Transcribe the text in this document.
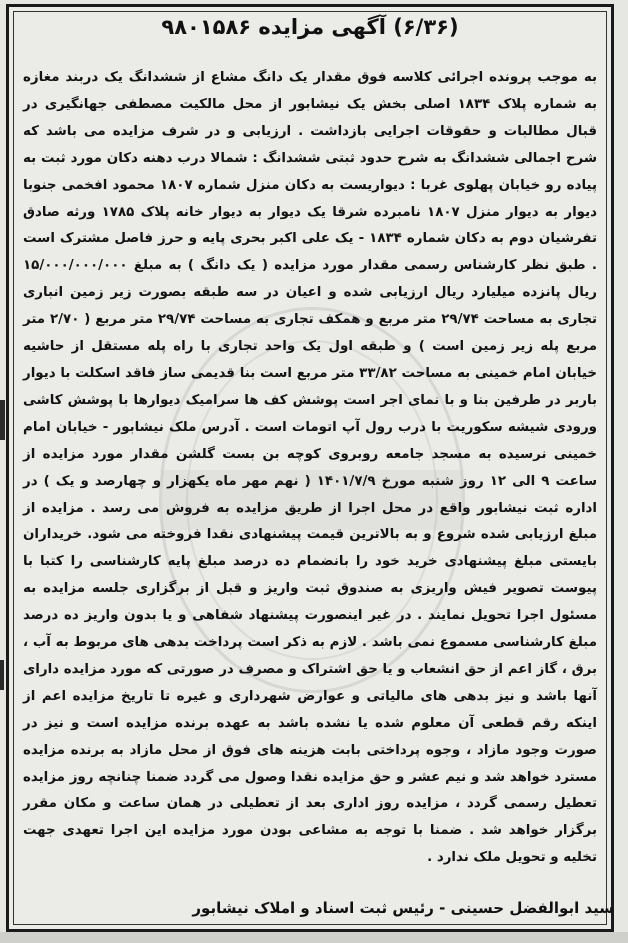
(۶/۳۶) آگهی مزایده ۹۸۰۱۵۸۶

به موجب پرونده اجرائی کلاسه فوق مقدار یک دانگ مشاع از ششدانگ یک دربند مغازه به شماره پلاک ۱۸۳۴ اصلی بخش یک نیشابور از محل مالکیت مصطفی جهانگیری در قبال مطالبات و حقوقات اجرایی بازداشت . ارزیابی و در شرف مزایده می باشد که شرح اجمالی ششدانگ به شرح حدود ثبتی ششدانگ : شمالا درب دهنه دکان مورد ثبت به پیاده رو خیابان پهلوی غربا : دیواریست به دکان منزل شماره ۱۸۰۷ محمود افخمی جنوبا دیوار به دیوار منزل ۱۸۰۷ نامبرده شرقا یک دیوار به دیوار خانه پلاک ۱۷۸۵ ورثه صادق تفرشیان دوم به دکان شماره ۱۸۳۴ - یک علی اکبر بحری پایه و حرز فاصل مشترک است . طبق نظر کارشناس رسمی مقدار مورد مزایده ( یک دانگ ) به مبلغ ۱۵/۰۰۰/۰۰۰/۰۰۰ ریال پانزده میلیارد ریال ارزیابی شده و اعیان در سه طبقه بصورت زیر زمین انباری تجاری به مساحت ۲۹/۷۴ متر مربع و همکف تجاری به مساحت ۲۹/۷۴ متر مربع ( ۲/۷۰ متر مربع پله زیر زمین است ) و طبقه اول یک واحد تجاری با راه پله مستقل از حاشیه خیابان امام خمینی به مساحت ۳۳/۸۲ متر مربع است بنا قدیمی ساز فاقد اسکلت با دیوار باربر در طرفین بنا و با نمای اجر است پوشش کف ها سرامیک دیوارها با پوشش کاشی ورودی شیشه سکوریت با درب رول آپ اتومات است . آدرس ملک نیشابور - خیابان امام خمینی نرسیده به مسجد جامعه روبروی کوچه بن بست گلشن مقدار مورد مزایده از ساعت ۹ الی ۱۲ روز شنبه مورخ ۱۴۰۱/۷/۹ ( نهم مهر ماه یکهزار و چهارصد و یک ) در اداره ثبت نیشابور واقع در محل اجرا از طریق مزایده به فروش می رسد . مزایده از مبلغ ارزیابی شده شروع و به بالاترین قیمت پیشنهادی نقدا فروخته می شود. خریداران بایستی مبلغ پیشنهادی خرید خود را بانضمام ده درصد مبلغ پایه کارشناسی را کتبا با پیوست تصویر فیش واریزی به صندوق ثبت واریز و قبل از برگزاری جلسه مزایده به مسئول اجرا تحویل نمایند . در غیر اینصورت پیشنهاد شفاهی و یا بدون واریز ده درصد مبلغ کارشناسی مسموع نمی باشد . لازم به ذکر است پرداخت بدهی های مربوط به آب ، برق ، گاز اعم از حق انشعاب و یا حق اشتراک و مصرف در صورتی که مورد مزایده دارای آنها باشد و نیز بدهی های مالیاتی و عوارض شهرداری و غیره تا تاریخ مزایده اعم از اینکه رقم قطعی آن معلوم شده یا نشده باشد به عهده برنده مزایده است و نیز در صورت وجود مازاد ، وجوه پرداختی بابت هزینه های فوق از محل مازاد به برنده مزایده مسترد خواهد شد و نیم عشر و حق مزایده نقدا وصول می گردد ضمنا چنانچه روز مزایده تعطیل رسمی گردد ، مزایده روز اداری بعد از تعطیلی در همان ساعت و مکان مقرر برگزار خواهد شد . ضمنا با توجه به مشاعی بودن مورد مزایده این اجرا تعهدی جهت تخلیه و تحویل ملک ندارد .

سید ابوالفضل حسینی - رئیس ثبت اسناد و املاک نیشابور
